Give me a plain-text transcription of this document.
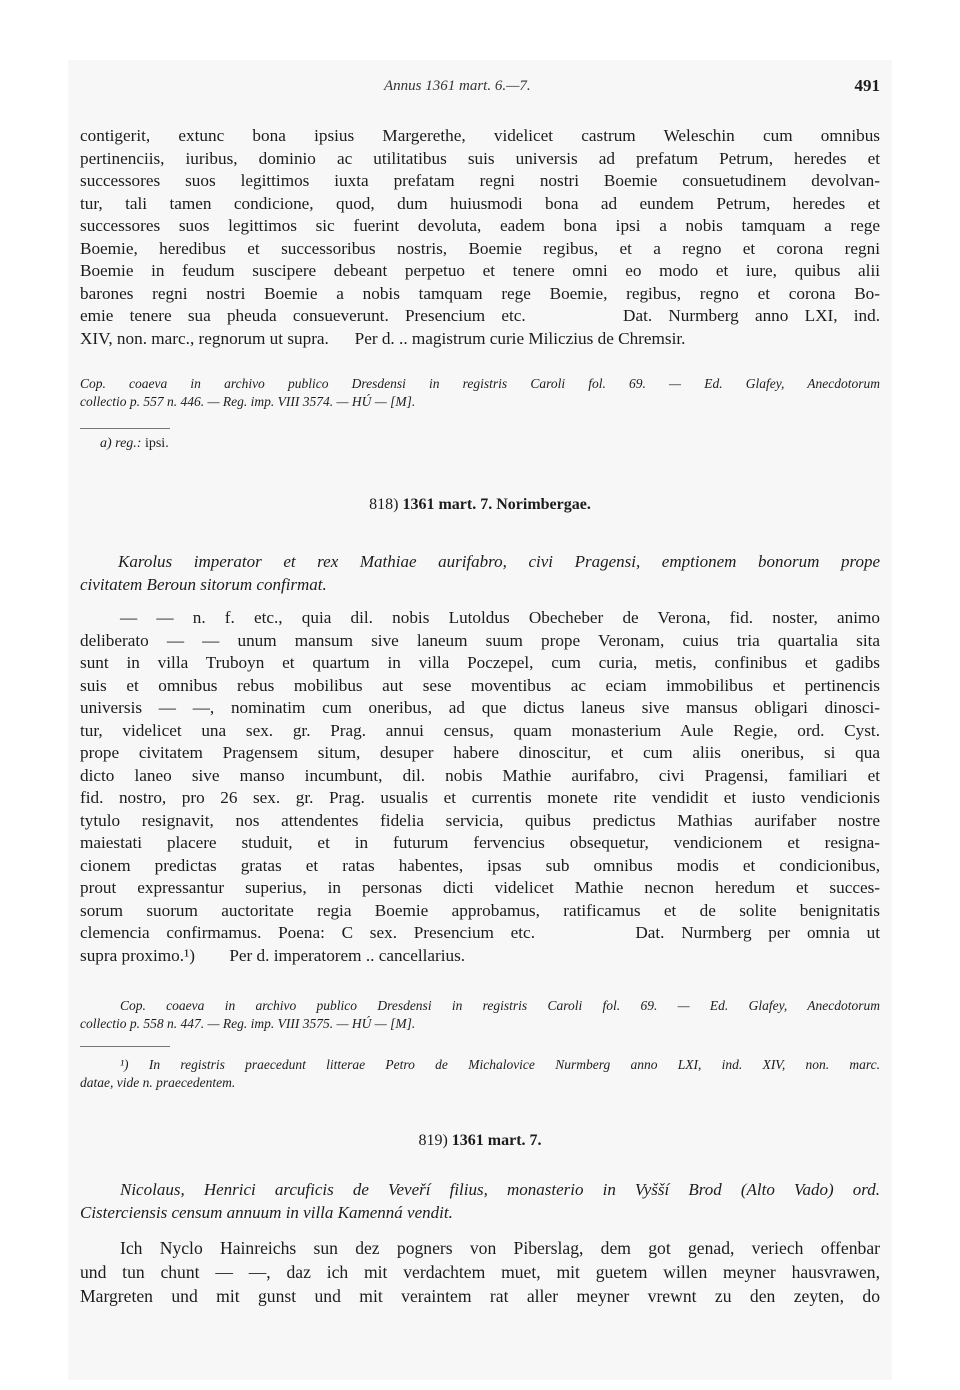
Annus 1361 mart. 6.—7.	491
contigerit, extunc bona ipsius Margerethe, videlicet castrum Weleschin cum omnibus
pertinenciis, iuribus, dominio ac utilitatibus suis universis ad prefatum Petrum, heredes et
successores suos legittimos iuxta prefatam regni nostri Boemie consuetudinem devolvan-
tur, tali tamen condicione, quod, dum huiusmodi bona ad eundem Petrum, heredes et
successores suos legittimos sic fuerint devoluta, eadem bona ipsi a nobis tamquam a rege
Boemie, heredibus et successoribus nostris, Boemie regibus, et a regno et corona regni
Boemie in feudum suscipere debeant perpetuo et tenere omni eo modo et iure, quibus alii
barones regni nostri Boemie a nobis tamquam rege Boemie, regibus, regno et corona Bo-
emie tenere sua pheuda consueverunt. Presencium etc.      Dat. Nurmberg anno LXI, ind.
XIV, non. marc., regnorum ut supra.      Per d. .. magistrum curie Miliczius de Chremsir.
Cop. coaeva in archivo publico Dresdensi in registris Caroli fol. 69. — Ed. Glafey, Anecdotorum
collectio p. 557 n. 446. — Reg. imp. VIII 3574. — HÚ — [M].
a) reg.: ipsi.
818) 1361 mart. 7. Norimbergae.
Karolus imperator et rex Mathiae aurifabro, civi Pragensi, emptionem bonorum prope
civitatem Beroun sitorum confirmat.
— — n. f. etc., quia dil. nobis Lutoldus Obecheber de Verona, fid. noster, animo
deliberato — — unum mansum sive laneum suum prope Veronam, cuius tria quartalia sita
sunt in villa Truboyn et quartum in villa Poczepel, cum curia, metis, confinibus et gadibs
suis et omnibus rebus mobilibus aut sese moventibus ac eciam immobilibus et pertinencis
universis — —, nominatim cum oneribus, ad que dictus laneus sive mansus obligari dinosci-
tur, videlicet una sex. gr. Prag. annui census, quam monasterium Aule Regie, ord. Cyst.
prope civitatem Pragensem situm, desuper habere dinoscitur, et cum aliis oneribus, si qua
dicto laneo sive manso incumbunt, dil. nobis Mathie aurifabro, civi Pragensi, familiari et
fid. nostro, pro 26 sex. gr. Prag. usualis et currentis monete rite vendidit et iusto vendicionis
tytulo resignavit, nos attendentes fidelia servicia, quibus predictus Mathias aurifaber nostre
maiestati placere studuit, et in futurum fervencius obsequetur, vendicionem et resigna-
cionem predictas gratas et ratas habentes, ipsas sub omnibus modis et condicionibus,
prout expressantur superius, in personas dicti videlicet Mathie necnon heredum et succes-
sorum suorum auctoritate regia Boemie approbamus, ratificamus et de solite benignitatis
clemencia confirmamus. Poena: C sex. Presencium etc.      Dat. Nurmberg per omnia ut
supra proximo.¹)        Per d. imperatorem .. cancellarius.
Cop. coaeva in archivo publico Dresdensi in registris Caroli fol. 69. — Ed. Glafey, Anecdotorum
collectio p. 558 n. 447. — Reg. imp. VIII 3575. — HÚ — [M].
¹) In registris praecedunt litterae Petro de Michalovice Nurmberg anno LXI, ind. XIV, non. marc.
datae, vide n. praecedentem.
819) 1361 mart. 7.
Nicolaus, Henrici arcuficis de Veveří filius, monasterio in Vyšší Brod (Alto Vado) ord.
Cisterciensis censum annuum in villa Kamenná vendit.
Ich Nyclo Hainreichs sun dez pogners von Piberslag, dem got genad, veriech offenbar
und tun chunt — —, daz ich mit verdachtem muet, mit guetem willen meyner hausvrawen,
Margreten und mit gunst und mit veraintem rat aller meyner vrewnt zu den zeyten, do
